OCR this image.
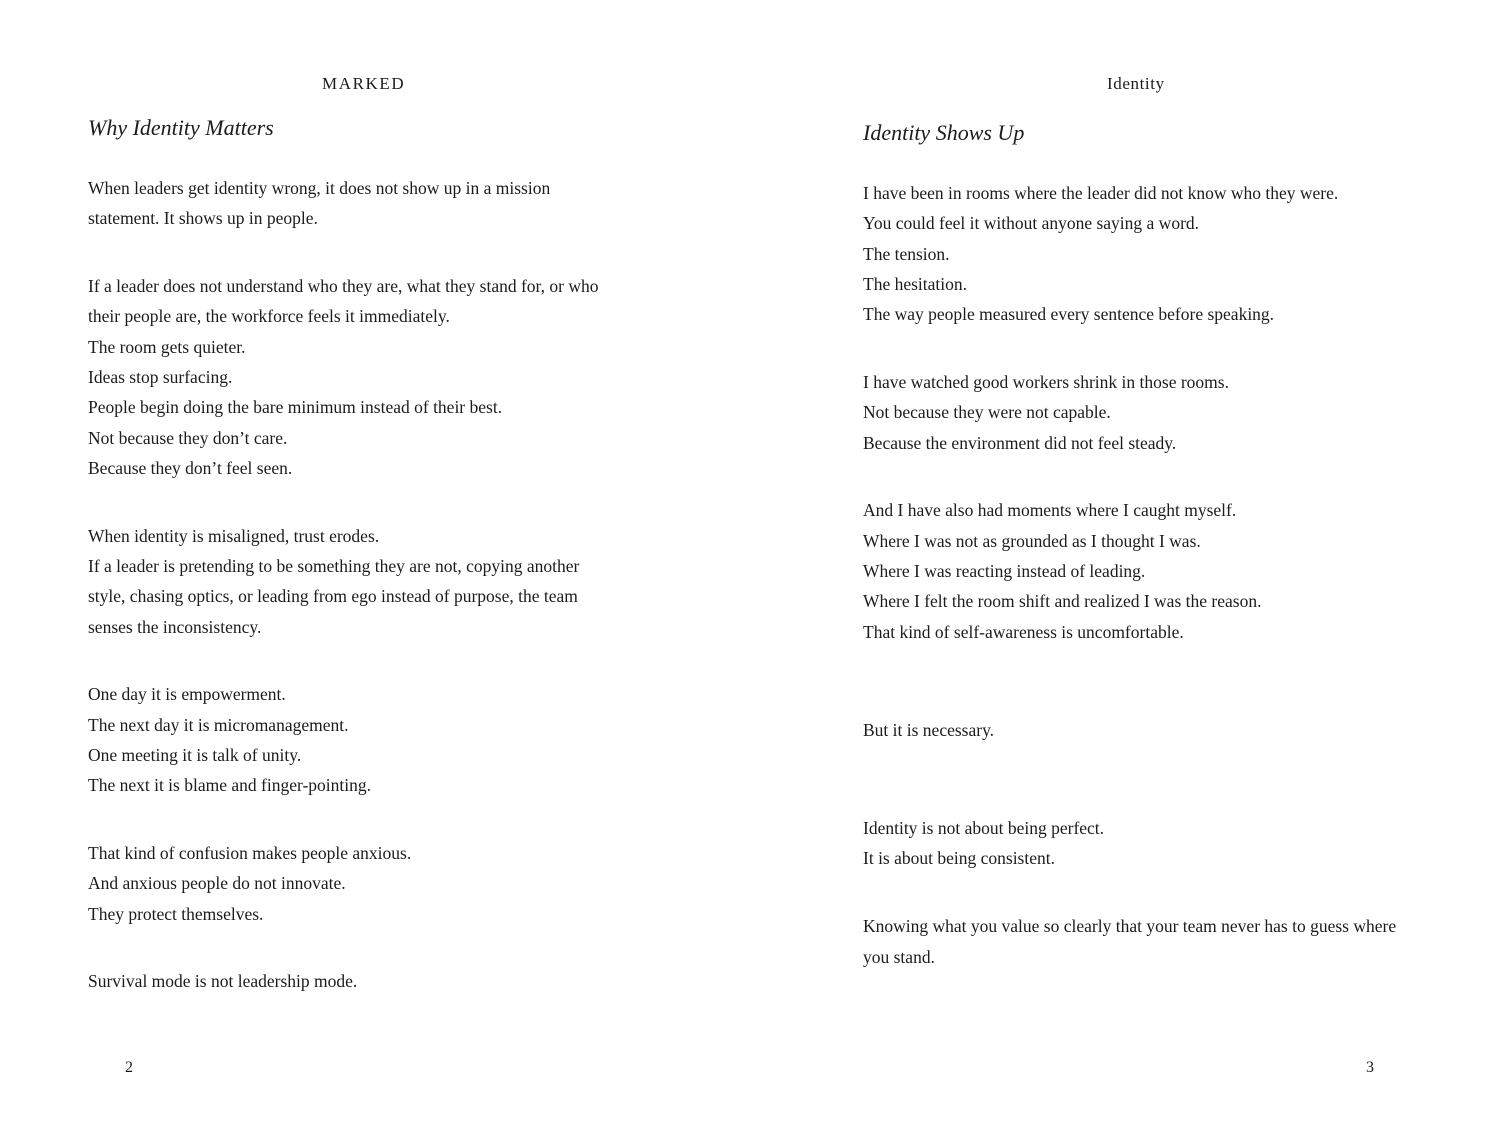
MARKED
Why Identity Matters

When leaders get identity wrong, it does not show up in a mission
statement. It shows up in people.

If a leader does not understand who they are, what they stand for, or who
their people are, the workforce feels it immediately.
The room gets quieter.
Ideas stop surfacing.
People begin doing the bare minimum instead of their best.
Not because they don’t care.
Because they don’t feel seen.

When identity is misaligned, trust erodes.
If a leader is pretending to be something they are not, copying another
style, chasing optics, or leading from ego instead of purpose, the team
senses the inconsistency.

One day it is empowerment.
The next day it is micromanagement.
One meeting it is talk of unity.
The next it is blame and finger-pointing.

That kind of confusion makes people anxious.
And anxious people do not innovate.
They protect themselves.

Survival mode is not leadership mode.

2
Identity
Identity Shows Up

I have been in rooms where the leader did not know who they were.
You could feel it without anyone saying a word.
The tension.
The hesitation.
The way people measured every sentence before speaking.

I have watched good workers shrink in those rooms.
Not because they were not capable.
Because the environment did not feel steady.

And I have also had moments where I caught myself.
Where I was not as grounded as I thought I was.
Where I was reacting instead of leading.
Where I felt the room shift and realized I was the reason.
That kind of self-awareness is uncomfortable.

But it is necessary.

Identity is not about being perfect.
It is about being consistent.

Knowing what you value so clearly that your team never has to guess where
you stand.

3
